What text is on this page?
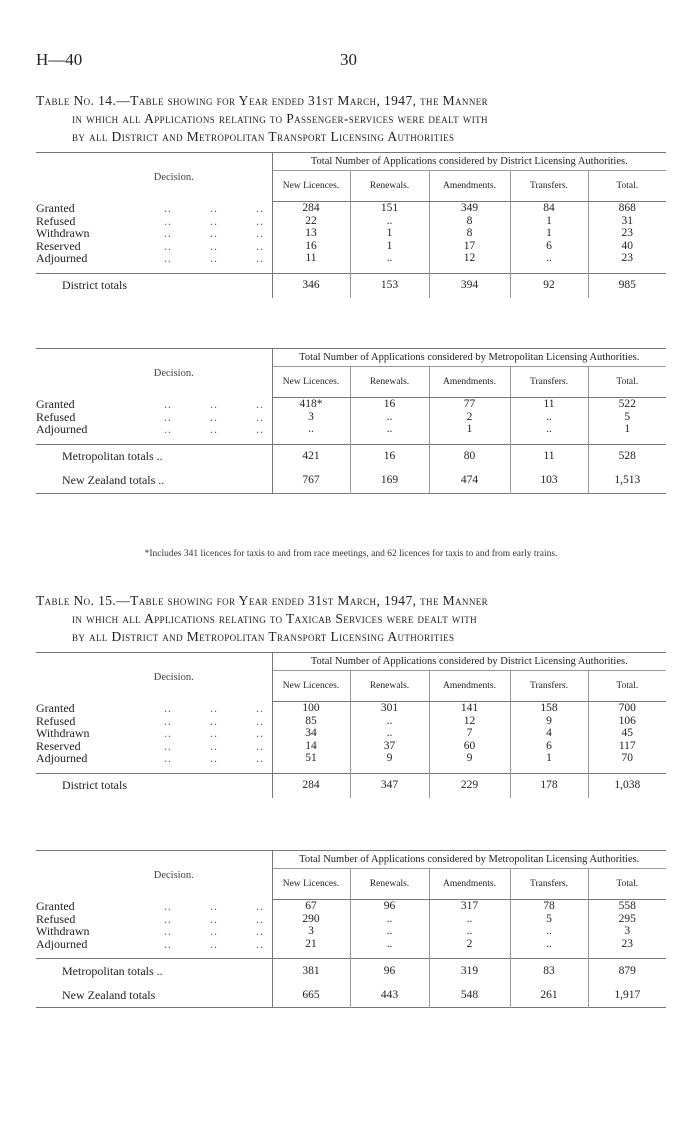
H—40	30
Table No. 14.—Table showing for Year ended 31st March, 1947, the Manner
in which all Applications relating to Passenger-services were dealt with
by all District and Metropolitan Transport Licensing Authorities
Decision.	Total Number of Applications considered by District Licensing Authorities.				
	New Licences.	Renewals.	Amendments.	Transfers.	Total.
Granted .. .. ..	284	151	349	84	868
Refused .. .. ..	22	..	8	1	31
Withdrawn .. .. ..	13	1	8	1	23
Reserved .. .. ..	16	1	17	6	40
Adjourned .. .. ..	11	..	12	..	23

District totals	346	153	394	92	985
Decision.	Total Number of Applications considered by Metropolitan Licensing Authorities.				
	New Licences.	Renewals.	Amendments.	Transfers.	Total.
Granted .. .. ..	418*	16	77	11	522
Refused .. .. ..	3	..	2	..	5
Adjourned .. .. ..	..	..	1	..	1

Metropolitan totals ..	421	16	80	11	528
New Zealand totals ..	767	169	474	103	1,513
*Includes 341 licences for taxis to and from race meetings, and 62 licences for taxis to and from early trains.
Table No. 15.—Table showing for Year ended 31st March, 1947, the Manner
in which all Applications relating to Taxicab Services were dealt with
by all District and Metropolitan Transport Licensing Authorities
Decision.	Total Number of Applications considered by District Licensing Authorities.				
	New Licences.	Renewals.	Amendments.	Transfers.	Total.
Granted .. .. ..	100	301	141	158	700
Refused .. .. ..	85	..	12	9	106
Withdrawn .. .. ..	34	..	7	4	45
Reserved .. .. ..	14	37	60	6	117
Adjourned .. .. ..	51	9	9	1	70

District totals	284	347	229	178	1,038
Decision.	Total Number of Applications considered by Metropolitan Licensing Authorities.				
	New Licences.	Renewals.	Amendments.	Transfers.	Total.
Granted .. .. ..	67	96	317	78	558
Refused .. .. ..	290	..	..	5	295
Withdrawn .. .. ..	3	..	..	..	3
Adjourned .. .. ..	21	..	2	..	23

Metropolitan totals ..	381	96	319	83	879
New Zealand totals	665	443	548	261	1,917
